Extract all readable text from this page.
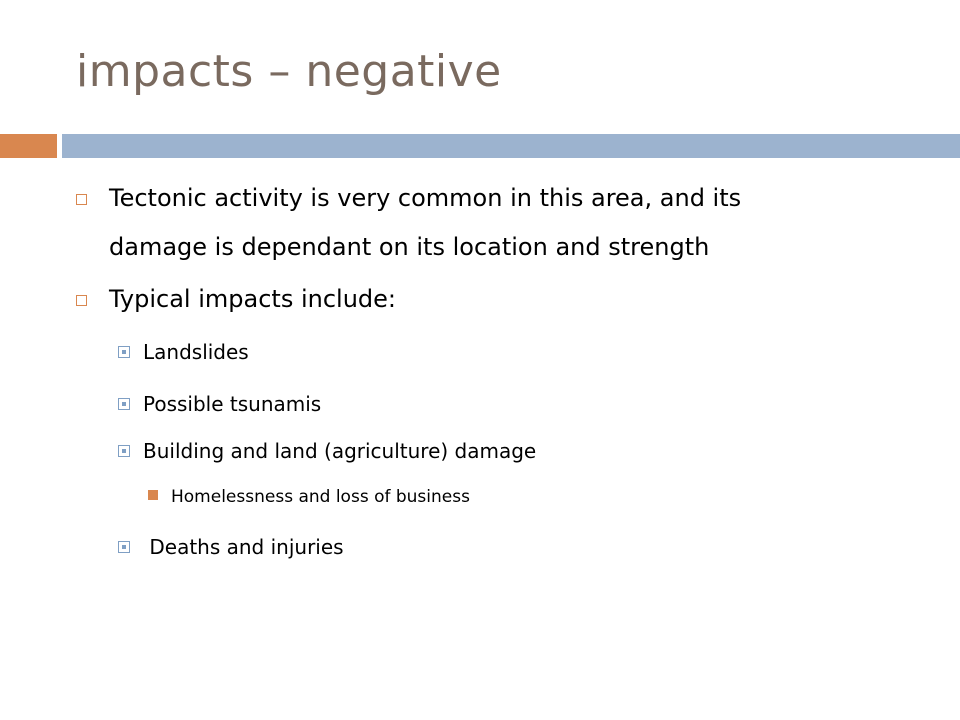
impacts – negative
Tectonic activity is very common in this area, and its
damage is dependant on its location and strength
Typical impacts include:
Landslides
Possible tsunamis
Building and land (agriculture) damage
Homelessness and loss of business
Deaths and injuries
